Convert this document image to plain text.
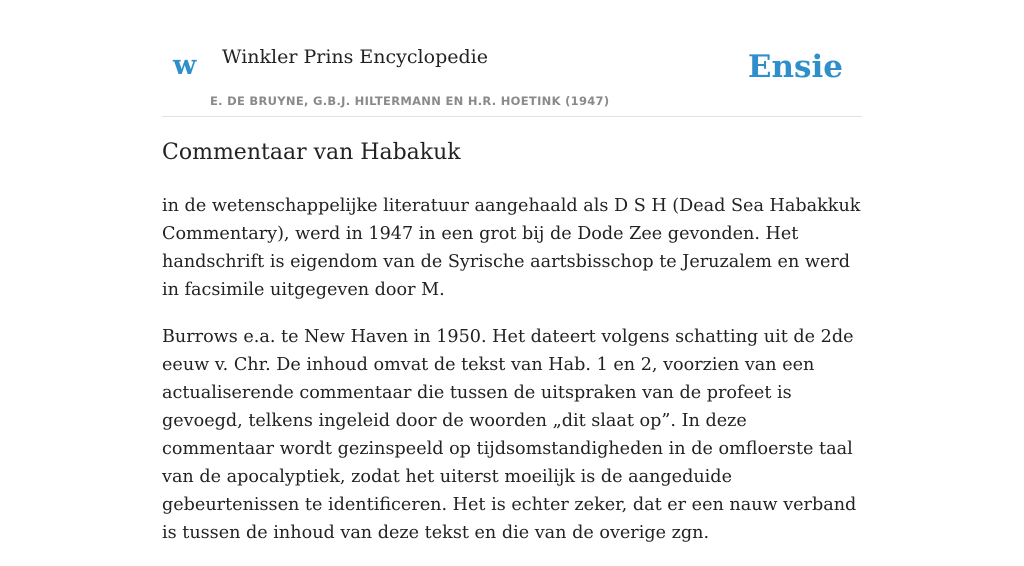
w Winkler Prins Encyclopedie
E. DE BRUYNE, G.B.J. HILTERMANN EN H.R. HOETINK (1947)
Ensie
Commentaar van Habakuk

in de wetenschappelijke literatuur aangehaald als D S H (Dead Sea Habakkuk Commentary), werd in 1947 in een grot bij de Dode Zee gevonden. Het handschrift is eigendom van de Syrische aartsbisschop te Jeruzalem en werd in facsimile uitgegeven door M.

Burrows e.a. te New Haven in 1950. Het dateert volgens schatting uit de 2de eeuw v. Chr. De inhoud omvat de tekst van Hab. 1 en 2, voorzien van een actualiserende commentaar die tussen de uitspraken van de profeet is gevoegd, telkens ingeleid door de woorden „dit slaat op”. In deze commentaar wordt gezinspeeld op tijdsomstandigheden in de omfloerste taal van de apocalyptiek, zodat het uiterst moeilijk is de aangeduide gebeurtenissen te identificeren. Het is echter zeker, dat er een nauw verband is tussen de inhoud van deze tekst en die van de overige zgn.
